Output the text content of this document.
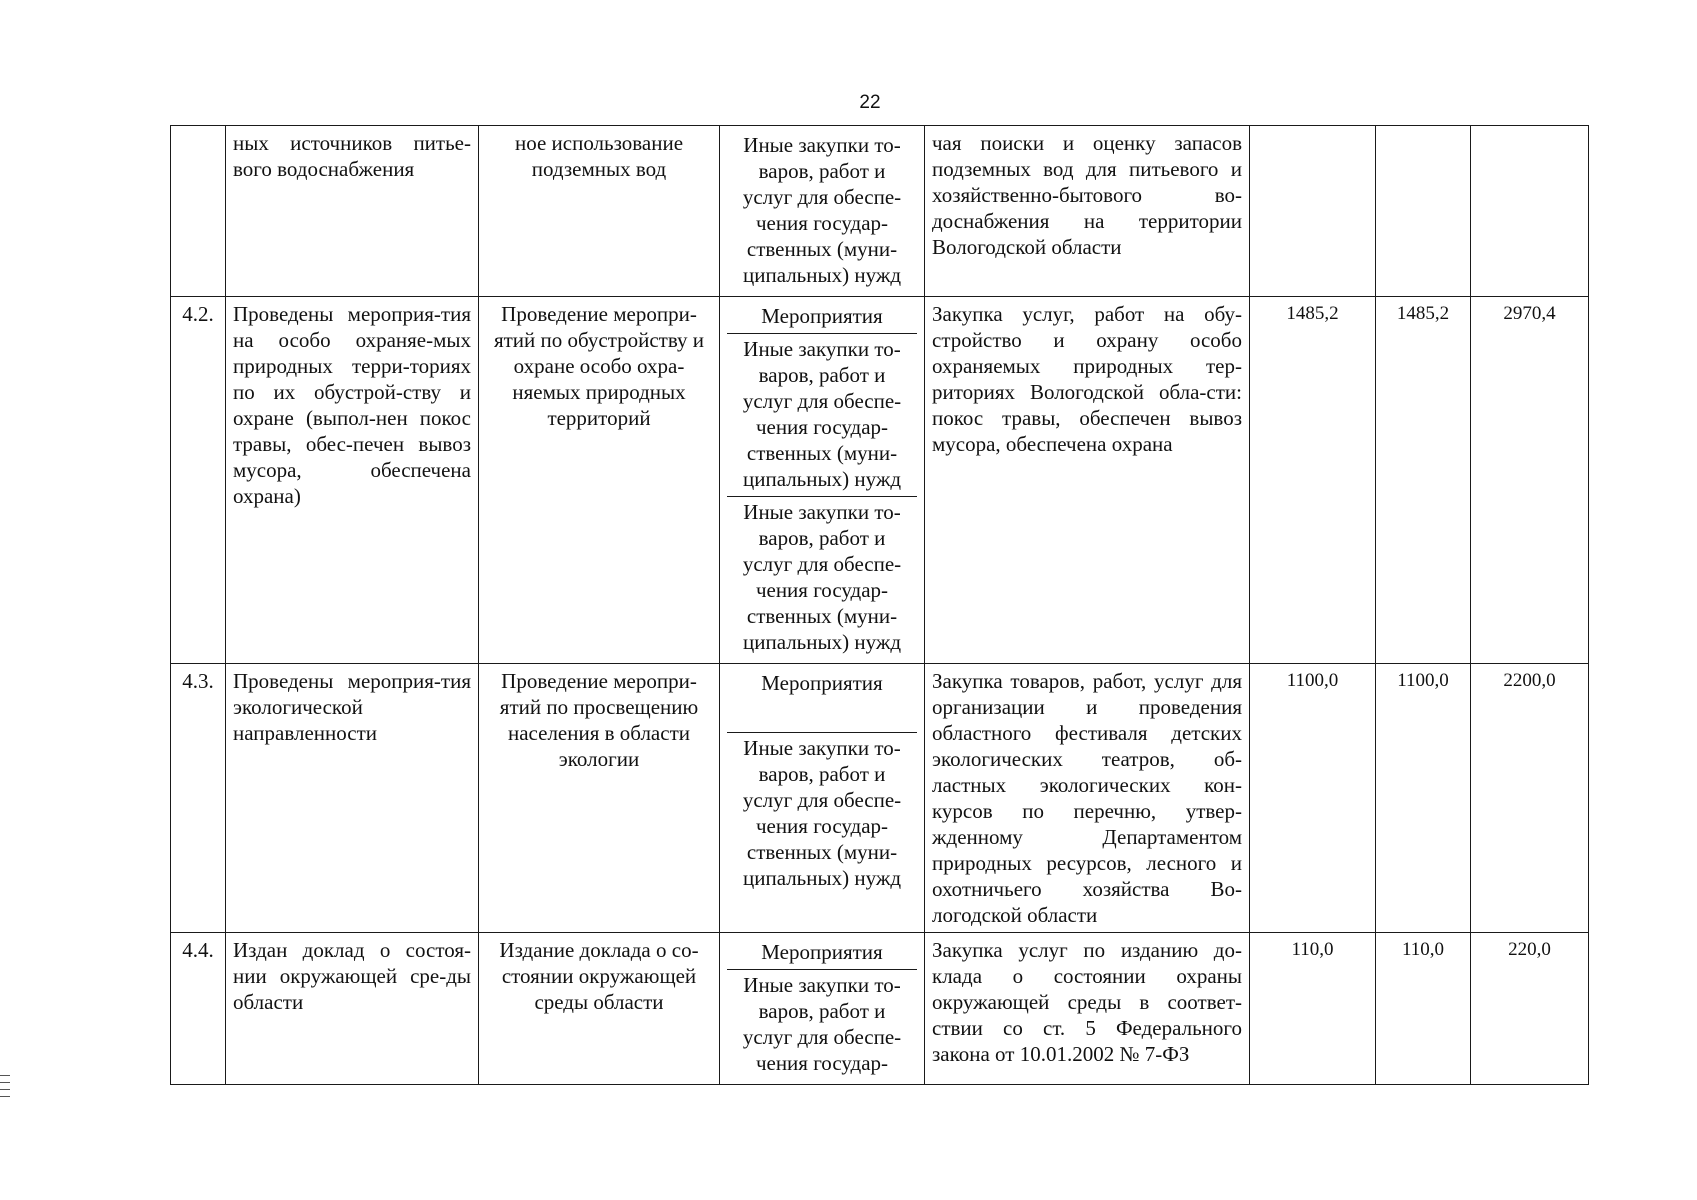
22
	ных источников питье-вого водоснабжения	ное использование подземных вод	Иные закупки то-варов, работ и услуг для обеспе-чения государ-ственных (муни-ципальных) нужд	чая поиски и оценку запасов подземных вод для питьевого и хозяйственно-бытового во-доснабжения на территории Вологодской области			
4.2.	Проведены мероприя-тия на особо охраняе-мых природных терри-ториях по их обустрой-ству и охране (выпол-нен покос травы, обес-печен вывоз мусора, обеспечена охрана)	Проведение меропри-ятий по обустройству и охране особо охра-няемых природных территорий	Мероприятия
Иные закупки то-варов, работ и услуг для обеспе-чения государ-ственных (муни-ципальных) нужд
Иные закупки то-варов, работ и услуг для обеспе-чения государ-ственных (муни-ципальных) нужд	Закупка услуг, работ на обу-стройство и охрану особо охраняемых природных тер-риториях Вологодской обла-сти: покос травы, обеспечен вывоз мусора, обеспечена охрана	1485,2	1485,2	2970,4
4.3.	Проведены мероприя-тия экологической направленности	Проведение меропри-ятий по просвещению населения в области экологии	Мероприятия
Иные закупки то-варов, работ и услуг для обеспе-чения государ-ственных (муни-ципальных) нужд	Закупка товаров, работ, услуг для организации и проведения областного фестиваля детских экологических театров, об-ластных экологических кон-курсов по перечню, утвер-жденному Департаментом природных ресурсов, лесного и охотничьего хозяйства Во-логодской области	1100,0	1100,0	2200,0
4.4.	Издан доклад о состоя-нии окружающей сре-ды области	Издание доклада о со-стоянии окружающей среды области	Мероприятия
Иные закупки то-варов, работ и услуг для обеспе-чения государ-	Закупка услуг по изданию до-клада о состоянии охраны окружающей среды в соответ-ствии со ст. 5 Федерального закона от 10.01.2002 № 7-ФЗ	110,0	110,0	220,0
